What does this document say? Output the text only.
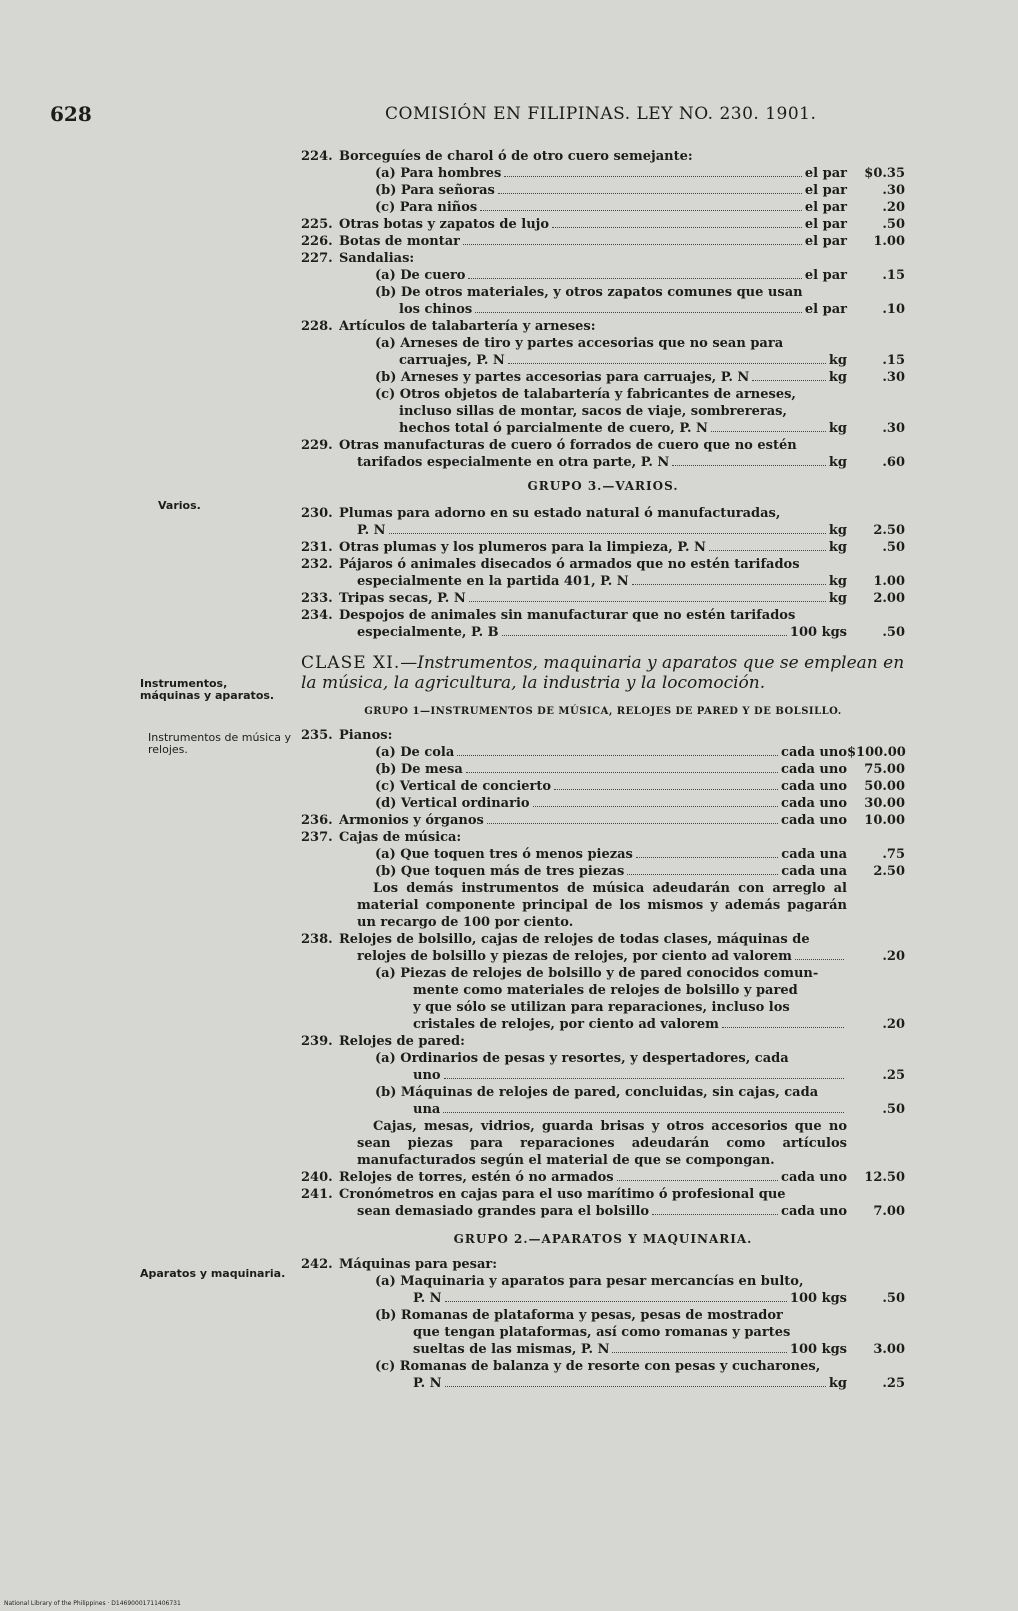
628	COMISIÓN EN FILIPINAS. LEY NO. 230. 1901.
Varios.
Instrumentos, máquinas y aparatos.
Instrumentos de música y relojes.
Aparatos y maquinaria.
224. Borceguíes de charol ó de otro cuero semejante:
(a) Para hombres	el par	$0.35
(b) Para señoras	el par	.30
(c) Para niños	el par	.20
225. Otras botas y zapatos de lujo	el par	.50
226. Botas de montar	el par	1.00
227. Sandalias:
(a) De cuero	el par	.15
(b) De otros materiales, y otros zapatos comunes que usan
los chinos	el par	.10
228. Artículos de talabartería y arneses:
(a) Arneses de tiro y partes accesorias que no sean para
carruajes, P. N	kg	.15
(b) Arneses y partes accesorias para carruajes, P. N	kg	.30
(c) Otros objetos de talabartería y fabricantes de arneses,
incluso sillas de montar, sacos de viaje, sombrereras,
hechos total ó parcialmente de cuero, P. N	kg	.30
229. Otras manufacturas de cuero ó forrados de cuero que no estén
tarifados especialmente en otra parte, P. N	kg	.60
GRUPO 3.—VARIOS.
230. Plumas para adorno en su estado natural ó manufacturadas,
P. N	kg	2.50
231. Otras plumas y los plumeros para la limpieza, P. N	kg	.50
232. Pájaros ó animales disecados ó armados que no estén tarifados
especialmente en la partida 401, P. N	kg	1.00
233. Tripas secas, P. N	kg	2.00
234. Despojos de animales sin manufacturar que no estén tarifados
especialmente, P. B	100 kgs	.50
CLASE XI.—Instrumentos, maquinaria y aparatos que se emplean en la música, la agricultura, la industria y la locomoción.
GRUPO 1—INSTRUMENTOS DE MÚSICA, RELOJES DE PARED Y DE BOLSILLO.
235. Pianos:
(a) De cola	cada uno $100.00
(b) De mesa	cada uno	75.00
(c) Vertical de concierto	cada uno	50.00
(d) Vertical ordinario	cada uno	30.00
236. Armonios y órganos	cada uno	10.00
237. Cajas de música:
(a) Que toquen tres ó menos piezas	cada una	.75
(b) Que toquen más de tres piezas	cada una	2.50
Los demás instrumentos de música adeudarán con arreglo al material componente principal de los mismos y además pagarán un recargo de 100 por ciento.
238. Relojes de bolsillo, cajas de relojes de todas clases, máquinas de
relojes de bolsillo y piezas de relojes, por ciento ad valorem	.20
(a) Piezas de relojes de bolsillo y de pared conocidos comun-
mente como materiales de relojes de bolsillo y pared
y que sólo se utilizan para reparaciones, incluso los
cristales de relojes, por ciento ad valorem	.20
239. Relojes de pared:
(a) Ordinarios de pesas y resortes, y despertadores, cada
uno	.25
(b) Máquinas de relojes de pared, concluidas, sin cajas, cada
una	.50
Cajas, mesas, vidrios, guarda brisas y otros accesorios que no sean piezas para reparaciones adeudarán como artículos manufacturados según el material de que se compongan.
240. Relojes de torres, estén ó no armados	cada uno	12.50
241. Cronómetros en cajas para el uso marítimo ó profesional que
sean demasiado grandes para el bolsillo	cada uno	7.00
GRUPO 2.—APARATOS Y MAQUINARIA.
242. Máquinas para pesar:
(a) Maquinaria y aparatos para pesar mercancías en bulto,
P. N	100 kgs	.50
(b) Romanas de plataforma y pesas, pesas de mostrador
que tengan plataformas, así como romanas y partes
sueltas de las mismas, P. N	100 kgs	3.00
(c) Romanas de balanza y de resorte con pesas y cucharones,
P. N	kg	.25
National Library of the Philippines · D14690001711406731
